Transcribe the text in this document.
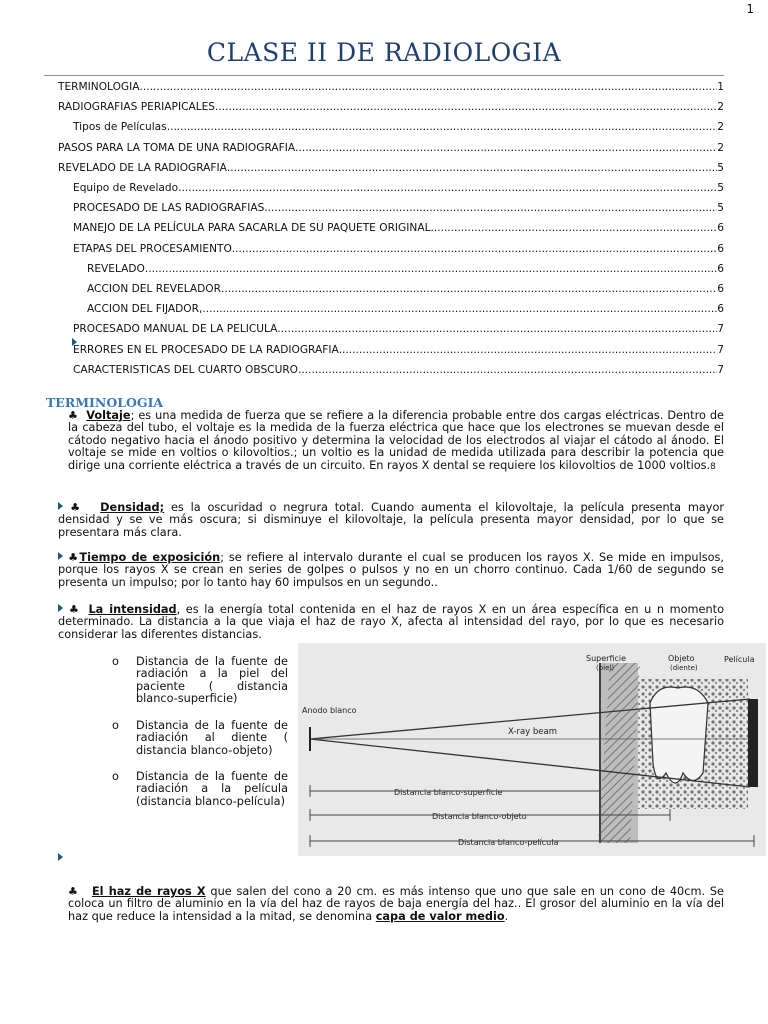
1
CLASE II DE RADIOLOGIA
TERMINOLOGIA .....	1
RADIOGRAFIAS PERIAPICALES .....	2
Tipos de Películas .....	2
PASOS PARA LA TOMA DE UNA RADIOGRAFIA .....	2
REVELADO DE LA RADIOGRAFIA .....	5
Equipo de Revelado .....	5
PROCESADO DE LAS RADIOGRAFIAS .....	5
MANEJO DE LA PELÍCULA PARA SACARLA DE SU PAQUETE ORIGINAL .....	6
ETAPAS DEL PROCESAMIENTO .....	6
REVELADO .....	6
ACCION DEL REVELADOR .....	6
ACCION DEL FIJADOR, .....	6
PROCESADO MANUAL DE LA PELICULA .....	7
ERRORES EN EL PROCESADO DE LA RADIOGRAFIA .....	7
CARACTERISTICAS DEL CUARTO OBSCURO .....	7
TERMINOLOGIA
♣ Voltaje; es una medida de fuerza que se refiere a la diferencia probable entre dos cargas eléctricas. Dentro de la cabeza del tubo, el voltaje es la medida de la fuerza eléctrica que hace que los electrones se muevan desde el cátodo negativo hacia el ánodo positivo y determina la velocidad de los electrodos al viajar el cátodo al ánodo. El voltaje se mide en voltios o kilovoltios.; un voltio es la unidad de medida utilizada para describir la potencia que dirige una corriente eléctrica a través de un circuito. En rayos X dental se requiere los kilovoltios de 1000 voltios.8
♣ Densidad; es la oscuridad o negrura total. Cuando aumenta el kilovoltaje, la película presenta mayor densidad y se ve más oscura; si disminuye el kilovoltaje, la película presenta mayor densidad, por lo que se presentara más clara.
♣Tiempo de exposición; se refiere al intervalo durante el cual se producen los rayos X. Se mide en impulsos, porque los rayos X se crean en series de golpes o pulsos y no en un chorro continuo. Cada 1/60 de segundo se presenta un impulso; por lo tanto hay 60 impulsos en un segundo..
♣ La intensidad, es la energía total contenida en el haz de rayos X en un área específica en u n momento determinado. La distancia a la que viaja el haz de rayo X, afecta al intensidad del rayo, por lo que es necesario considerar las diferentes distancias.
o Distancia de la fuente de radiación a la piel del paciente ( distancia blanco-superficie)
o Distancia de la fuente de radiación al diente ( distancia blanco-objeto)
o Distancia de la fuente de radiación a la película (distancia blanco-película)
Superficie
(piel)
Objeto
(diente)
Película
Anodo blanco
X-ray beam
Distancia blanco-superficie
Distancia blanco-objeto
Distancia blanco-película
♣ El haz de rayos X que salen del cono a 20 cm. es más intenso que uno que sale en un cono de 40cm. Se coloca un filtro de aluminio en la vía del haz de rayos de baja energía del haz.. El grosor del aluminio en la vía del haz que reduce la intensidad a la mitad, se denomina capa de valor medio.
